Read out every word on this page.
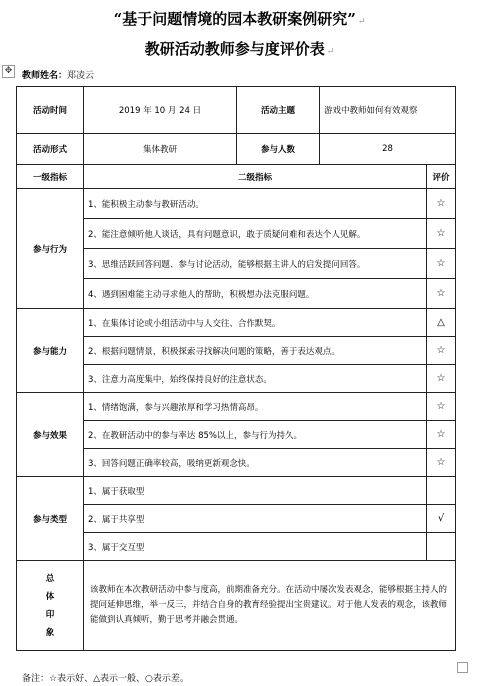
“基于问题情境的园本教研案例研究” ↵
教研活动教师参与度评价表 ↵
✥	教师姓名：郑凌云
活动时间	2019 年 10 月 24 日	活动主题	游戏中教师如何有效观察	
活动形式	集体教研	参与人数	28	
一级指标	二级指标			评价
参与行为	1、能积极主动参与教研活动。			☆
	2、能注意倾听他人谈话，具有问题意识，敢于质疑问难和表达个人见解。			☆
	3、思维活跃回答问题、参与讨论活动，能够根据主讲人的启发提问回答。			☆
	4、遇到困难能主动寻求他人的帮助，积极想办法克服问题。			☆
参与能力	1、在集体讨论或小组活动中与人交往、合作默契。			△
	2、根据问题情景，积极探索寻找解决问题的策略，善于表达观点。			☆
	3、注意力高度集中，始终保持良好的注意状态。			☆
参与效果	1、情绪饱满，参与兴趣浓厚和学习热情高昂。			☆
	2、在教研活动中的参与率达 85%以上，参与行为持久。			☆
	3、回答问题正确率较高，吸纳更新观念快。			☆
参与类型	1、属于获取型			
	2、属于共享型			√
	3、属于交互型			

总
体
印
象	该教师在本次教研活动中参与度高，前期准备充分。在活动中屡次发表观念，能够根据主持人的提问延伸思维，举一反三，并结合自身的教育经验提出宝贵建议。对于他人发表的观念，该教师能做到认真倾听，勤于思考并融会贯通。			
备注：☆表示好、△表示一般、○表示差。
